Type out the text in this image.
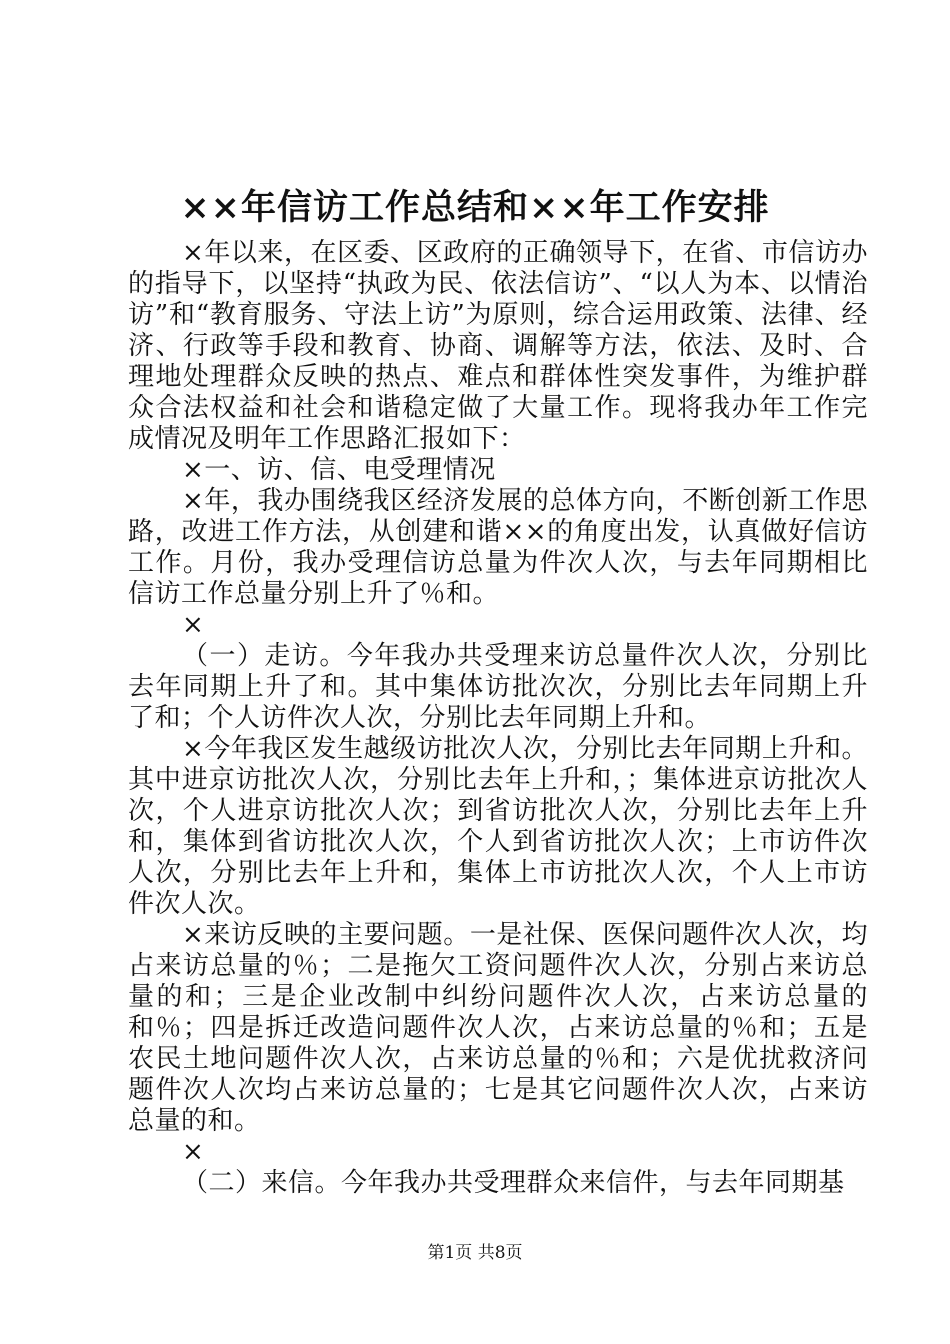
××年信访工作总结和××年工作安排

×年以来，在区委、区政府的正确领导下，在省、市信访办的指导下，以坚持“执政为民、依法信访”、“以人为本、以情治访”和“教育服务、守法上访”为原则，综合运用政策、法律、经济、行政等手段和教育、协商、调解等方法，依法、及时、合理地处理群众反映的热点、难点和群体性突发事件，为维护群众合法权益和社会和谐稳定做了大量工作。现将我办年工作完成情况及明年工作思路汇报如下：

×一、访、信、电受理情况

×年，我办围绕我区经济发展的总体方向，不断创新工作思路，改进工作方法，从创建和谐××的角度出发，认真做好信访工作。月份，我办受理信访总量为件次人次，与去年同期相比信访工作总量分别上升了％和。

×

（一）走访。今年我办共受理来访总量件次人次，分别比去年同期上升了和。其中集体访批次次，分别比去年同期上升了和；个人访件次人次，分别比去年同期上升和。

×今年我区发生越级访批次人次，分别比去年同期上升和。其中进京访批次人次，分别比去年上升和，；集体进京访批次人次，个人进京访批次人次；到省访批次人次，分别比去年上升和，集体到省访批次人次，个人到省访批次人次；上市访件次人次，分别比去年上升和，集体上市访批次人次，个人上市访件次人次。

×来访反映的主要问题。一是社保、医保问题件次人次，均占来访总量的％；二是拖欠工资问题件次人次，分别占来访总量的和；三是企业改制中纠纷问题件次人次，占来访总量的和％；四是拆迁改造问题件次人次，占来访总量的％和；五是农民土地问题件次人次，占来访总量的％和；六是优扰救济问题件次人次均占来访总量的；七是其它问题件次人次，占来访总量的和。

×

（二）来信。今年我办共受理群众来信件，与去年同期基

第1页 共8页
